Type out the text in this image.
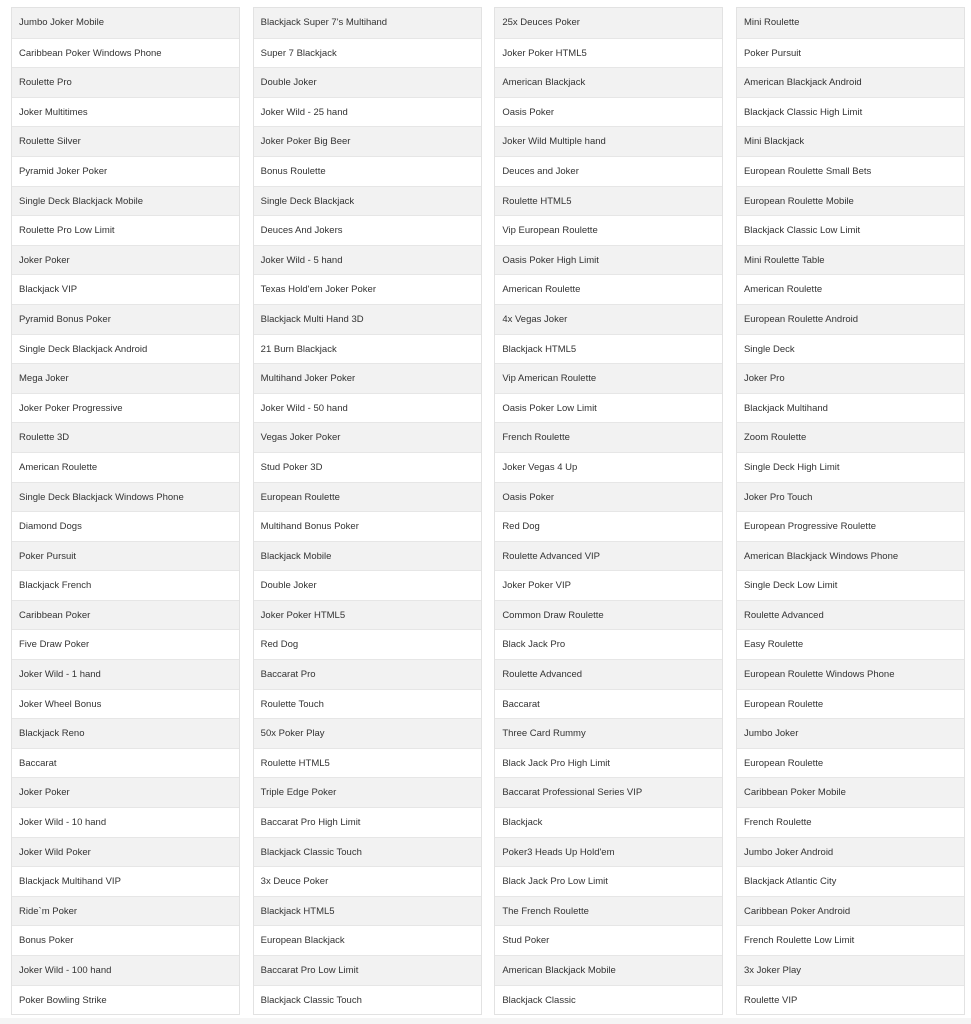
Jumbo Joker Mobile
Caribbean Poker Windows Phone
Roulette Pro
Joker Multitimes
Roulette Silver
Pyramid Joker Poker
Single Deck Blackjack Mobile
Roulette Pro Low Limit
Joker Poker
Blackjack VIP
Pyramid Bonus Poker
Single Deck Blackjack Android
Mega Joker
Joker Poker Progressive
Roulette 3D
American Roulette
Single Deck Blackjack Windows Phone
Diamond Dogs
Poker Pursuit
Blackjack French
Caribbean Poker
Five Draw Poker
Joker Wild - 1 hand
Joker Wheel Bonus
Blackjack Reno
Baccarat
Joker Poker
Joker Wild - 10 hand
Joker Wild Poker
Blackjack Multihand VIP
Ride`m Poker
Bonus Poker
Joker Wild - 100 hand
Poker Bowling Strike
Blackjack Super 7's Multihand
Super 7 Blackjack
Double Joker
Joker Wild - 25 hand
Joker Poker Big Beer
Bonus Roulette
Single Deck Blackjack
Deuces And Jokers
Joker Wild - 5 hand
Texas Hold'em Joker Poker
Blackjack Multi Hand 3D
21 Burn Blackjack
Multihand Joker Poker
Joker Wild - 50 hand
Vegas Joker Poker
Stud Poker 3D
European Roulette
Multihand Bonus Poker
Blackjack Mobile
Double Joker
Joker Poker HTML5
Red Dog
Baccarat Pro
Roulette Touch
50x Poker Play
Roulette HTML5
Triple Edge Poker
Baccarat Pro High Limit
Blackjack Classic Touch
3x Deuce Poker
Blackjack HTML5
European Blackjack
Baccarat Pro Low Limit
Blackjack Classic Touch
25x Deuces Poker
Joker Poker HTML5
American Blackjack
Oasis Poker
Joker Wild Multiple hand
Deuces and Joker
Roulette HTML5
Vip European Roulette
Oasis Poker High Limit
American Roulette
4x Vegas Joker
Blackjack HTML5
Vip American Roulette
Oasis Poker Low Limit
French Roulette
Joker Vegas 4 Up
Oasis Poker
Red Dog
Roulette Advanced VIP
Joker Poker VIP
Common Draw Roulette
Black Jack Pro
Roulette Advanced
Baccarat
Three Card Rummy
Black Jack Pro High Limit
Baccarat Professional Series VIP
Blackjack
Poker3 Heads Up Hold'em
Black Jack Pro Low Limit
The French Roulette
Stud Poker
American Blackjack Mobile
Blackjack Classic
Mini Roulette
Poker Pursuit
American Blackjack Android
Blackjack Classic High Limit
Mini Blackjack
European Roulette Small Bets
European Roulette Mobile
Blackjack Classic Low Limit
Mini Roulette Table
American Roulette
European Roulette Android
Single Deck
Joker Pro
Blackjack Multihand
Zoom Roulette
Single Deck High Limit
Joker Pro Touch
European Progressive Roulette
American Blackjack Windows Phone
Single Deck Low Limit
Roulette Advanced
Easy Roulette
European Roulette Windows Phone
European Roulette
Jumbo Joker
European Roulette
Caribbean Poker Mobile
French Roulette
Jumbo Joker Android
Blackjack Atlantic City
Caribbean Poker Android
French Roulette Low Limit
3x Joker Play
Roulette VIP
